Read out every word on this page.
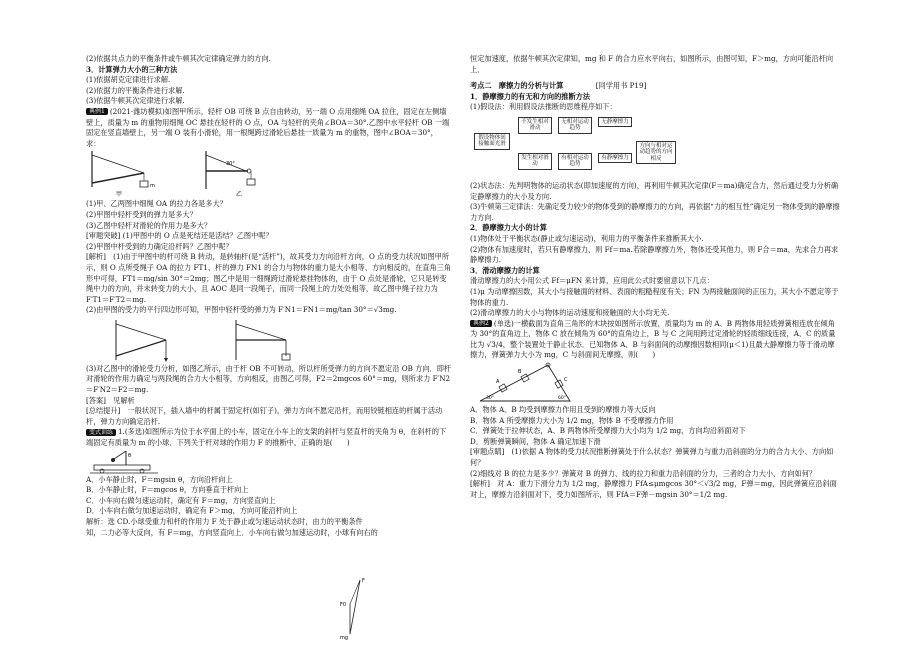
(2)依据共点力的平衡条件或牛顿其次定律确定弹力的方向.

3．计算弹力大小的三种方法

(1)依据胡克定律进行求解.

(2)依据力的平衡条件进行求解.

(3)依据牛顿其次定律进行求解.

典例1 (2021·潍坊模拟)如图甲所示，轻杆 OB 可绕 B 点自由转动，另一端 O 点用细绳 OA 拉住，固定在左侧墙壁上，质量为 m 的重物用细绳 OC 悬挂在轻杆的 O 点，OA 与轻杆的夹角∠BOA＝30°.乙图中水平轻杆 OB 一端固定在竖直墙壁上，另一端 O 装有小滑轮，用一根绳跨过滑轮后悬挂一质量为 m 的重物，图中∠BOA＝30°，求：

m
甲
30°
乙

(1)甲、乙两图中细绳 OA 的拉力各是多大？

(2)甲图中轻杆受到的弹力是多大？

(3)乙图中轻杆对滑轮的作用力是多大？

[审题突破] (1)甲图中的 O 点是死结还是活结？乙图中呢？

(2)甲图中杆受到的力确定沿杆吗？乙图中呢？

[解析]　(1)由于甲图中的杆可绕 B 转动，是转轴杆(是“活杆”)，故其受力方向沿杆方向，O 点的受力状况如图甲所示，则 O 点所受绳子 OA 的拉力 FT1、杆的弹力 FN1 的合力与物体的重力是大小相等、方向相反的，在直角三角形中可得，FT1＝mg/sin 30°＝2mg；图乙中是用一细绳跨过滑轮悬挂物体的，由于 O 点处是滑轮，它只是转变绳中力的方向，并未转变力的大小，且 AOC 是同一段绳子，而同一段绳上的力处处相等，故乙图中绳子拉力为 F′T1＝F′T2＝mg.

(2)由甲图的受力的平行四边形可知，甲图中轻杆受的弹力为 F′N1＝FN1＝mg/tan 30°＝√3mg.

(3)对乙图中的滑轮受力分析，如图乙所示，由于杆 OB 不可转动，所以杆所受弹力的方向不愿定沿 OB 方向．即杆对滑轮的作用力确定与两段绳的合力大小相等，方向相反，由图乙可得，F2＝2mgcos 60°＝mg，则所求力 F′N2＝F′N2＝F2＝mg.

[答案]　见解析

[总结提升]　一般状况下，插入墙中的杆属于固定杆(如钉子)，弹力方向不愿定沿杆，而用铰链相连的杆属于活动杆，弹力方向确定沿杆.

变式训练 1.(多选)如图所示为位于水平面上的小车，固定在小车上的支架的斜杆与竖直杆的夹角为 θ，在斜杆的下端固定有质量为 m 的小球．下列关于杆对球的作用力 F 的推断中，正确的是(　　)

θ

A．小车静止时，F＝mgsin θ，方向沿杆向上

B．小车静止时，F＝mgcos θ，方向垂直于杆向上

C．小车向右做匀速运动时，确定有 F＝mg，方向竖直向上

D．小车向右做匀加速运动时，确定有 F＞mg，方向可能沿杆向上

解析：选 CD.小球受重力和杆的作用力 F 处于静止或匀速运动状态时，由力的平衡条件

知，二力必等大反向，有 F＝mg，方向竖直向上．小车向右做匀加速运动时，小球有向右的

F
F0
mg

恒定加速度，依据牛顿其次定律知，mg 和 F 的合力应水平向右，如图所示，由图可知，F＞mg，方向可能沿杆向上．

考点二　摩擦力的分析与计算	[同学用书 P19]

1．静摩擦力的有无和方向的推断方法

(1)假设法：利用假设法推断的思维程序如下：

假设物体间接触面光滑
不发生相对滑动
无相对运动趋势
无静摩擦力
发生相对滑动
有相对运动趋势
有静摩擦力
方向与相对运动趋势的方向相反

(2)状态法：先判明物体的运动状态(即加速度的方向)，再利用牛顿其次定律(F＝ma)确定合力，然后通过受力分析确定静摩擦力的大小及方向.

(3)牛顿第三定律法：先确定受力较少的物体受到的静摩擦力的方向，再依据“力的相互性”确定另一物体受到的静摩擦力方向.

2．静摩擦力大小的计算

(1)物体处于平衡状态(静止或匀速运动)，利用力的平衡条件来推断其大小.

(2)物体有加速度时，若只有静摩擦力，则 Ff＝ma.若除静摩擦力外，物体还受其他力，则 F合＝ma，先求合力再求静摩擦力.

3．滑动摩擦力的计算

滑动摩擦力的大小用公式 Ff＝μFN 来计算，应用此公式时要留意以下几点：

(1)μ 为动摩擦因数，其大小与接触面的材料、表面的粗糙程度有关；FN 为两接触面间的正压力，其大小不愿定等于物体的重力.

(2)滑动摩擦力的大小与物体的运动速度和接触面的大小均无关.

典例2 (单选)一横截面为直角三角形的木块按如图所示放置，质量均为 m 的 A、B 两物体用轻质弹簧相连放在倾角为 30°的直角边上，物体 C 放在倾角为 60°的直角边上，B 与 C 之间用跨过定滑轮的轻质细线连接，A、C 的质量比为 √3/4，整个装置处于静止状态．已知物体 A、B 与斜面间的动摩擦因数相同(μ＜1)且最大静摩擦力等于滑动摩擦力，弹簧弹力大小为 mg，C 与斜面间无摩擦，则(　　)

A
B
C
30°	60°

A．物体 A、B 均受到摩擦力作用且受到的摩擦力等大反向

B．物体 A 所受摩擦力大小为 1/2 mg，物体 B 不受摩擦力作用

C．弹簧处于拉伸状态，A、B 两物体所受摩擦力大小均为 1/2 mg，方向均沿斜面对下

D．剪断弹簧瞬间，物体 A 确定加速下滑

[审题点睛]　(1)依据 A 物体的受力状况推断弹簧处于什么状态？弹簧弹力与重力沿斜面的分力的合力大小、方向如何？

(2)细线对 B 的拉力是多少？弹簧对 B 的弹力、线的拉力和重力沿斜面的分力，三者的合力大小、方向如何？

[解析]　对 A：重力下滑分力为 1/2 mg，静摩擦力 FfA≤μmgcos 30°＜√3/2 mg，F弹＝mg，因此弹簧应沿斜面对上，摩擦力沿斜面对下，受力如图所示，则 FfA＝F弹－mgsin 30°＝1/2 mg.
